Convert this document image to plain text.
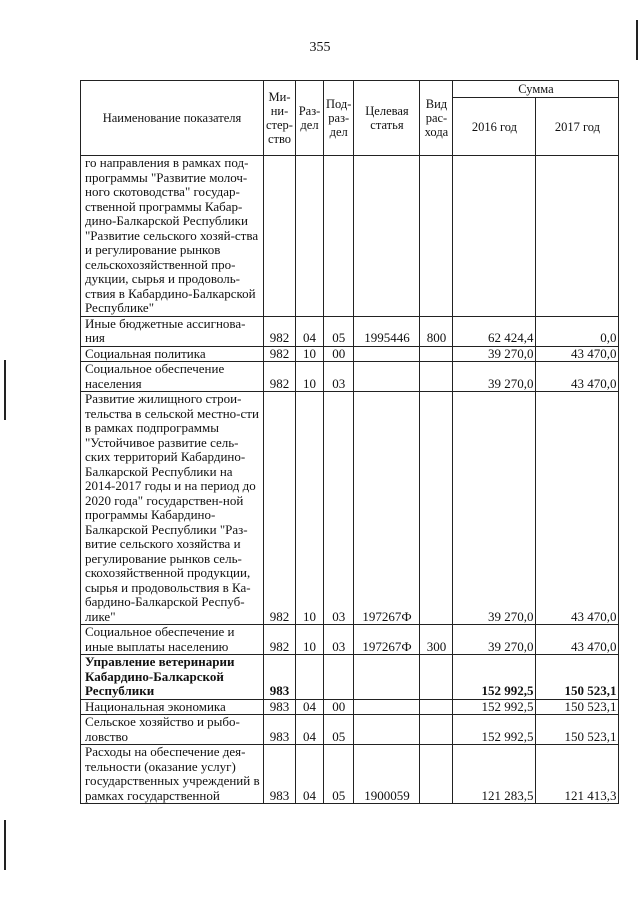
355
Наименование показателя	Ми-ни-стер-ство	Раз-дел	Под-раз-дел	Целевая статья	Вид рас-хода	Сумма	
						2016 год	2017 год
го направления в рамках под-программы "Развитие молоч-ного скотоводства" государ-ственной программы Кабар-дино-Балкарской Республики "Развитие сельского хозяй-ства и регулирование рынков сельскохозяйственной про-дукции, сырья и продоволь-ствия в Кабардино-Балкарской Республике"							
Иные бюджетные ассигнова-ния	982	04	05	1995446	800	62 424,4	0,0
Социальная политика	982	10	00			39 270,0	43 470,0
Социальное обеспечение населения	982	10	03			39 270,0	43 470,0
Развитие жилищного строи-тельства в сельской местно-сти в рамках подпрограммы "Устойчивое развитие сель-ских территорий Кабардино-Балкарской Республики на 2014-2017 годы и на период до 2020 года" государствен-ной программы Кабардино-Балкарской Республики "Раз-витие сельского хозяйства и регулирование рынков сель-скохозяйственной продукции, сырья и продовольствия в Ка-бардино-Балкарской Респуб-лике"	982	10	03	197267Ф		39 270,0	43 470,0
Социальное обеспечение и иные выплаты населению	982	10	03	197267Ф	300	39 270,0	43 470,0
Управление ветеринарии Кабардино-Балкарской Республики	983					152 992,5	150 523,1
Национальная экономика	983	04	00			152 992,5	150 523,1
Сельское хозяйство и рыбо-ловство	983	04	05			152 992,5	150 523,1
Расходы на обеспечение дея-тельности (оказание услуг) государственных учреждений в рамках государственной	983	04	05	1900059		121 283,5	121 413,3
